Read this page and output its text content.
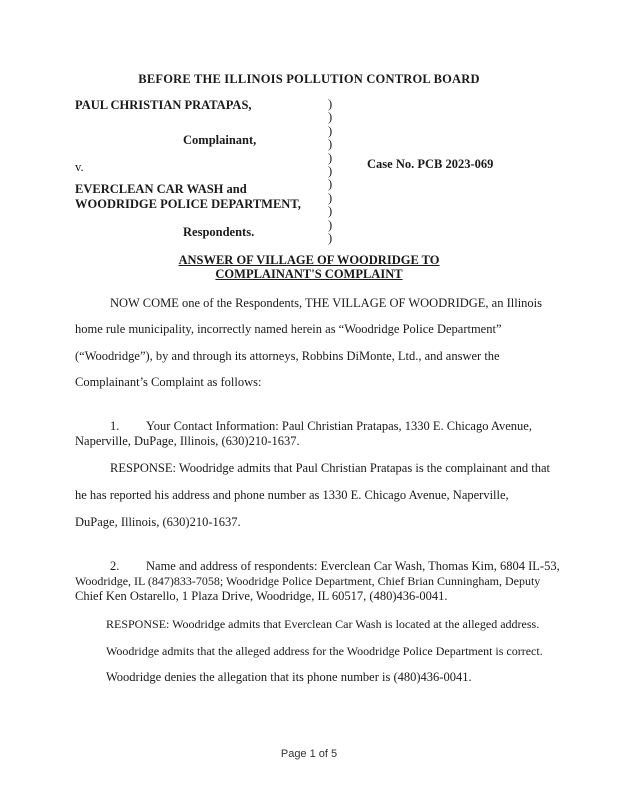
BEFORE THE ILLINOIS POLLUTION CONTROL BOARD
PAUL CHRISTIAN PRATAPAS,
Complainant,
v.	Case No. PCB 2023-069
EVERCLEAN CAR WASH and
WOODRIDGE POLICE DEPARTMENT,
Respondents.
)
)
)
)
)
)
)
)
)
)
)
ANSWER OF VILLAGE OF WOODRIDGE TO
COMPLAINANT'S COMPLAINT
NOW COME one of the Respondents, THE VILLAGE OF WOODRIDGE, an Illinois
home rule municipality, incorrectly named herein as “Woodridge Police Department”
(“Woodridge”), by and through its attorneys, Robbins DiMonte, Ltd., and answer the
Complainant’s Complaint as follows:
1. Your Contact Information: Paul Christian Pratapas, 1330 E. Chicago Avenue,
Naperville, DuPage, Illinois, (630)210-1637.
RESPONSE: Woodridge admits that Paul Christian Pratapas is the complainant and that
he has reported his address and phone number as 1330 E. Chicago Avenue, Naperville,
DuPage, Illinois, (630)210-1637.
2. Name and address of respondents: Everclean Car Wash, Thomas Kim, 6804 IL-53,
Woodridge, IL (847)833-7058; Woodridge Police Department, Chief Brian Cunningham, Deputy
Chief Ken Ostarello, 1 Plaza Drive, Woodridge, IL 60517, (480)436-0041.
RESPONSE: Woodridge admits that Everclean Car Wash is located at the alleged address.
Woodridge admits that the alleged address for the Woodridge Police Department is correct.
Woodridge denies the allegation that its phone number is (480)436-0041.
Page 1 of 5
